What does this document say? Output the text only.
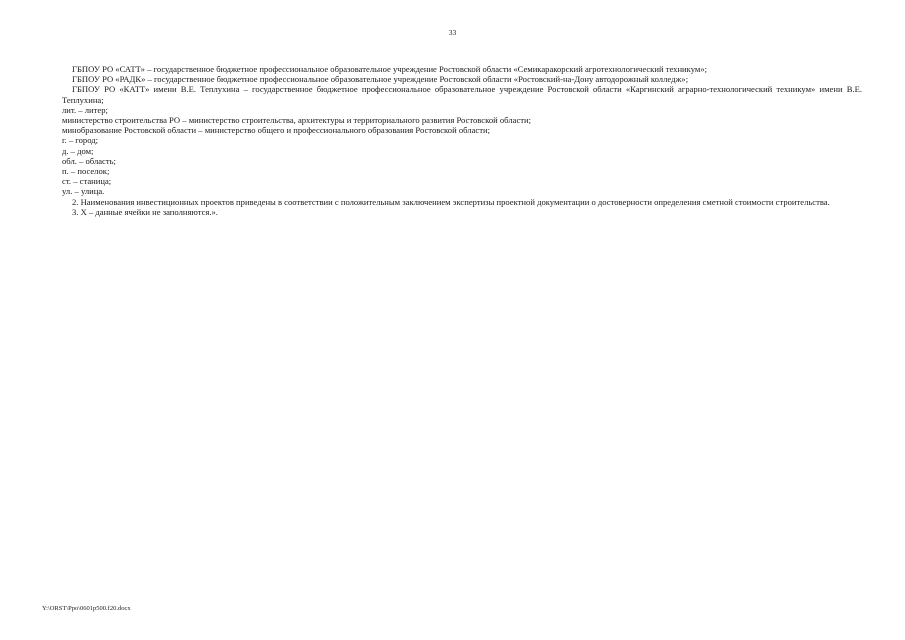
33

ГБПОУ РО «САТТ» – государственное бюджетное профессиональное образовательное учреждение Ростовской области «Семикаракорский агротехнологический техникум»;

ГБПОУ РО «РАДК» – государственное бюджетное профессиональное образовательное учреждение Ростовской области «Ростовский-на-Дону автодорожный колледж»;

ГБПОУ РО «КАТТ» имени В.Е. Теплухина – государственное бюджетное профессиональное образовательное учреждение Ростовской области «Каргинский аграрно-технологический техникум» имени В.Е. Теплухина;

лит. – литер;

министерство строительства РО – министерство строительства, архитектуры и территориального развития Ростовской области;

минобразование Ростовской области – министерство общего и профессионального образования Ростовской области;

г. – город;

д. – дом;

обл. – область;

п. – поселок;

ст. – станица;

ул. – улица.

2. Наименования инвестиционных проектов приведены в соответствии с положительным заключением экспертизы проектной документации о достоверности определения сметной стоимости строительства.

3. Х – данные ячейки не заполняются.».

Y:\ORST\Ppo\0601p500.f20.docx
